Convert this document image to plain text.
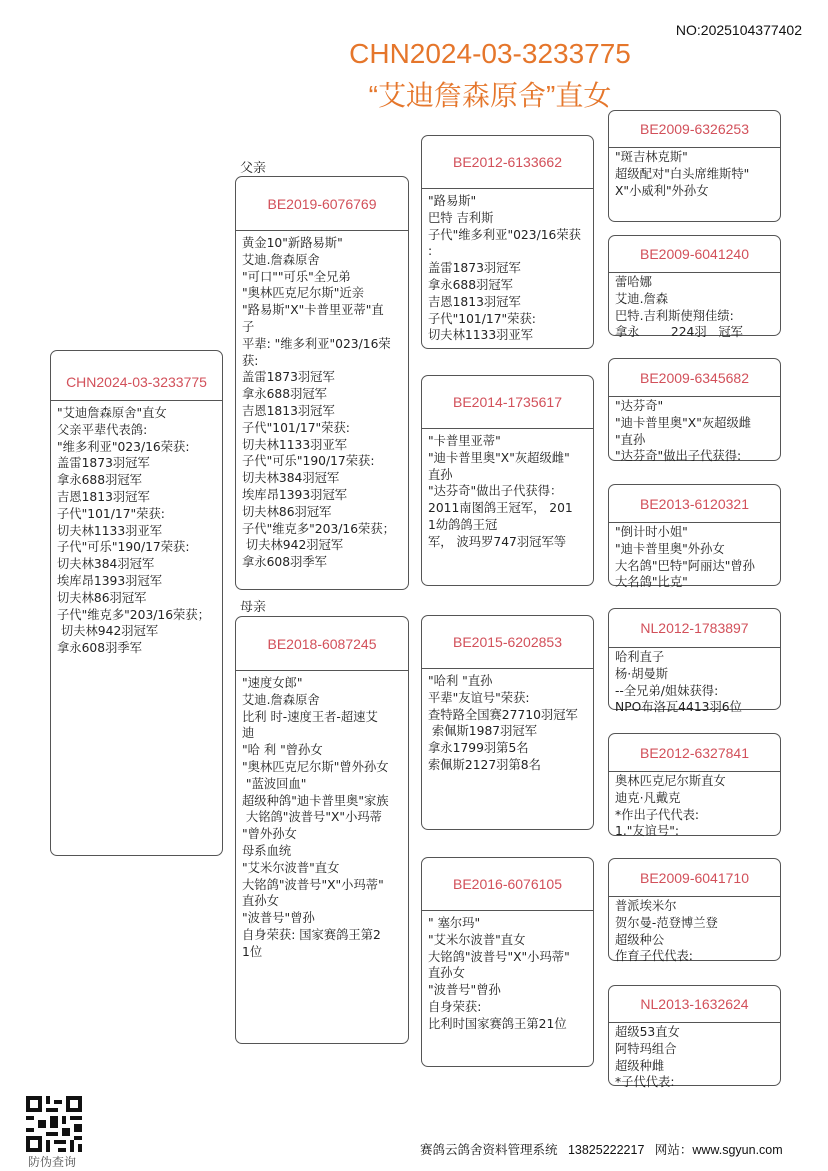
NO:2025104377402
CHN2024-03-3233775
“艾迪詹森原舍”直女
父亲
母亲
CHN2024-03-3233775
"艾迪詹森原舍"直女
父亲平辈代表鸽:
"维多利亚"023/16荣获:
盖雷1873羽冠军
拿永688羽冠军
吉恩1813羽冠军
子代"101/17"荣获:
切夫林1133羽亚军
子代"可乐"190/17荣获:
切夫林384羽冠军
埃库昂1393羽冠军
切夫林86羽冠军
子代"维克多"203/16荣获；
切夫林942羽冠军
拿永608羽季军
BE2019-6076769
黄金10"新路易斯"
艾迪.詹森原舍
"可口""可乐"全兄弟
"奥林匹克尼尔斯"近亲
"路易斯"X"卡普里亚蒂"直
子
平辈: "维多利亚"023/16荣
获:
盖雷1873羽冠军
拿永688羽冠军
吉恩1813羽冠军
子代"101/17"荣获:
切夫林1133羽亚军
子代"可乐"190/17荣获:
切夫林384羽冠军
埃库昂1393羽冠军
切夫林86羽冠军
子代"维克多"203/16荣获；
切夫林942羽冠军
拿永608羽季军
BE2018-6087245
"速度女郎"
艾迪.詹森原舍
比利 时-速度王者-超速艾
迪
"哈 利 "曾孙女
"奥林匹克尼尔斯"曾外孙女
"蓝波回血"
超级种鸽"迪卡普里奥"家族
大铭鸽"波普号"X"小玛蒂
"曾外孙女
母系血统
"艾米尔波普"直女
大铭鸽"波普号"X"小玛蒂"
直孙女
"波普号"曾孙
自身荣获: 国家赛鸽王第2
1位
BE2012-6133662
"路易斯"
巴特 吉利斯
子代"维多利亚"023/16荣获
:
盖雷1873羽冠军
拿永688羽冠军
吉恩1813羽冠军
子代"101/17"荣获:
切夫林1133羽亚军
BE2014-1735617
"卡普里亚蒂"
"迪卡普里奥"X"灰超级雌"
直孙
"达芬奇"做出子代获得：
2011南图鸽王冠军， 201
1幼鸽鸽王冠
军， 波玛罗747羽冠军等
BE2015-6202853
"哈利 "直孙
平辈"友谊号"荣获:
查特路全国赛27710羽冠军
索佩斯1987羽冠军
拿永1799羽第5名
索佩斯2127羽第8名
BE2016-6076105
" 塞尔玛"
"艾米尔波普"直女
大铭鸽"波普号"X"小玛蒂"
直孙女
"波普号"曾孙
自身荣获:
比利时国家赛鸽王第21位
BE2009-6326253
"斑吉林克斯"
超级配对"白头席维斯特"
X"小威利"外孙女
BE2009-6041240
蕾哈娜
艾迪.詹森
巴特.吉利斯使翔佳绩:
拿永        224羽   冠军
BE2009-6345682
"达芬奇"
"迪卡普里奥"X"灰超级雌
"直孙
"达芬奇"做出子代获得:
BE2013-6120321
"倒计时小姐"
"迪卡普里奥"外孙女
大名鸽"巴特"阿丽达"曾孙
大名鸽"比克"
NL2012-1783897
哈利直子
杨·胡曼斯
--全兄弟/姐妹获得:
NPO布洛瓦4413羽6位
BE2012-6327841
奥林匹克尼尔斯直女
迪克·凡戴克
*作出子代代表:
1."友谊号":
BE2009-6041710
普派埃米尔
贺尔曼-范登博兰登
超级种公
作育子代代表:
NL2013-1632624
超级53直女
阿特玛组合
超级种雌
*子代代表:
防伪查询
赛鸽云鸽舍资料管理系统 13825222217 网站：www.sgyun.com
